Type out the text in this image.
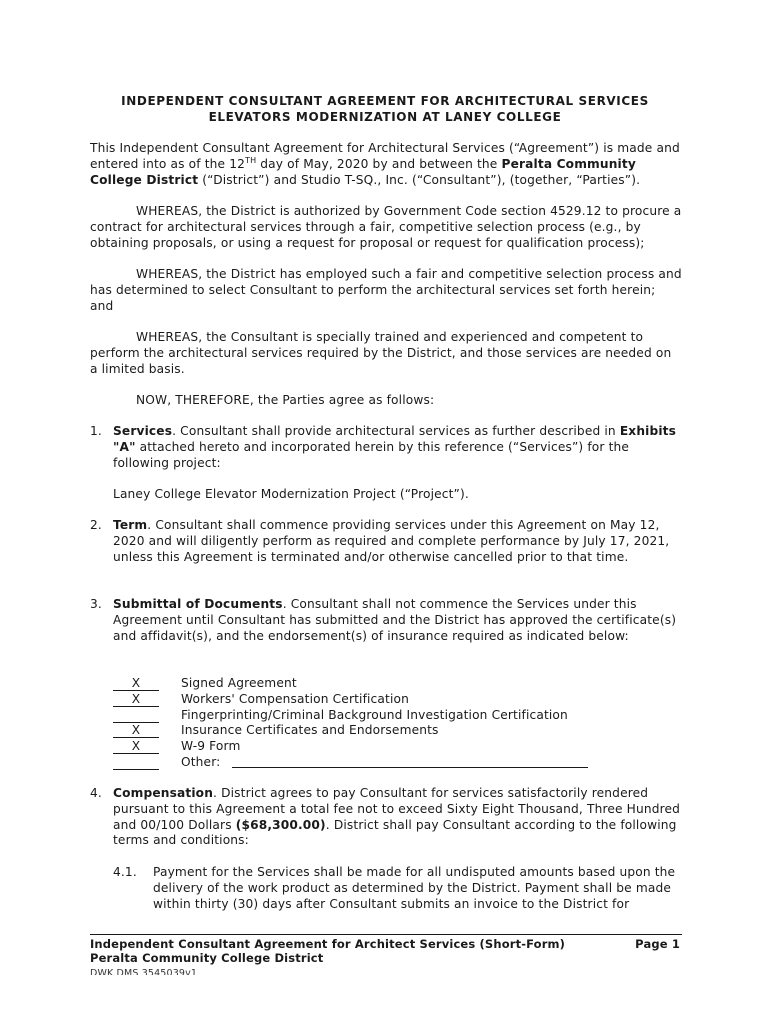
INDEPENDENT CONSULTANT AGREEMENT FOR ARCHITECTURAL SERVICES
ELEVATORS MODERNIZATION AT LANEY COLLEGE
This Independent Consultant Agreement for Architectural Services (“Agreement”) is made and entered into as of the 12TH day of May, 2020 by and between the Peralta Community College District (“District”) and Studio T-SQ., Inc. (“Consultant”), (together, “Parties”).
WHEREAS, the District is authorized by Government Code section 4529.12 to procure a contract for architectural services through a fair, competitive selection process (e.g., by obtaining proposals, or using a request for proposal or request for qualification process);
WHEREAS, the District has employed such a fair and competitive selection process and has determined to select Consultant to perform the architectural services set forth herein; and
WHEREAS, the Consultant is specially trained and experienced and competent to perform the architectural services required by the District, and those services are needed on a limited basis.
NOW, THEREFORE, the Parties agree as follows:
1. Services. Consultant shall provide architectural services as further described in Exhibits "A" attached hereto and incorporated herein by this reference (“Services”) for the following project:
Laney College Elevator Modernization Project (“Project”).
2. Term. Consultant shall commence providing services under this Agreement on May 12, 2020 and will diligently perform as required and complete performance by July 17, 2021, unless this Agreement is terminated and/or otherwise cancelled prior to that time.
3. Submittal of Documents. Consultant shall not commence the Services under this Agreement until Consultant has submitted and the District has approved the certificate(s) and affidavit(s), and the endorsement(s) of insurance required as indicated below:
X	Signed Agreement
X	Workers' Compensation Certification
Fingerprinting/Criminal Background Investigation Certification
X	Insurance Certificates and Endorsements
X	W-9 Form
Other:
4. Compensation. District agrees to pay Consultant for services satisfactorily rendered pursuant to this Agreement a total fee not to exceed Sixty Eight Thousand, Three Hundred and 00/100 Dollars ($68,300.00). District shall pay Consultant according to the following terms and conditions:
4.1. Payment for the Services shall be made for all undisputed amounts based upon the delivery of the work product as determined by the District. Payment shall be made within thirty (30) days after Consultant submits an invoice to the District for
Independent Consultant Agreement for Architect Services (Short-Form)
Peralta Community College District
Page 1
DWK DMS 3545039v1
